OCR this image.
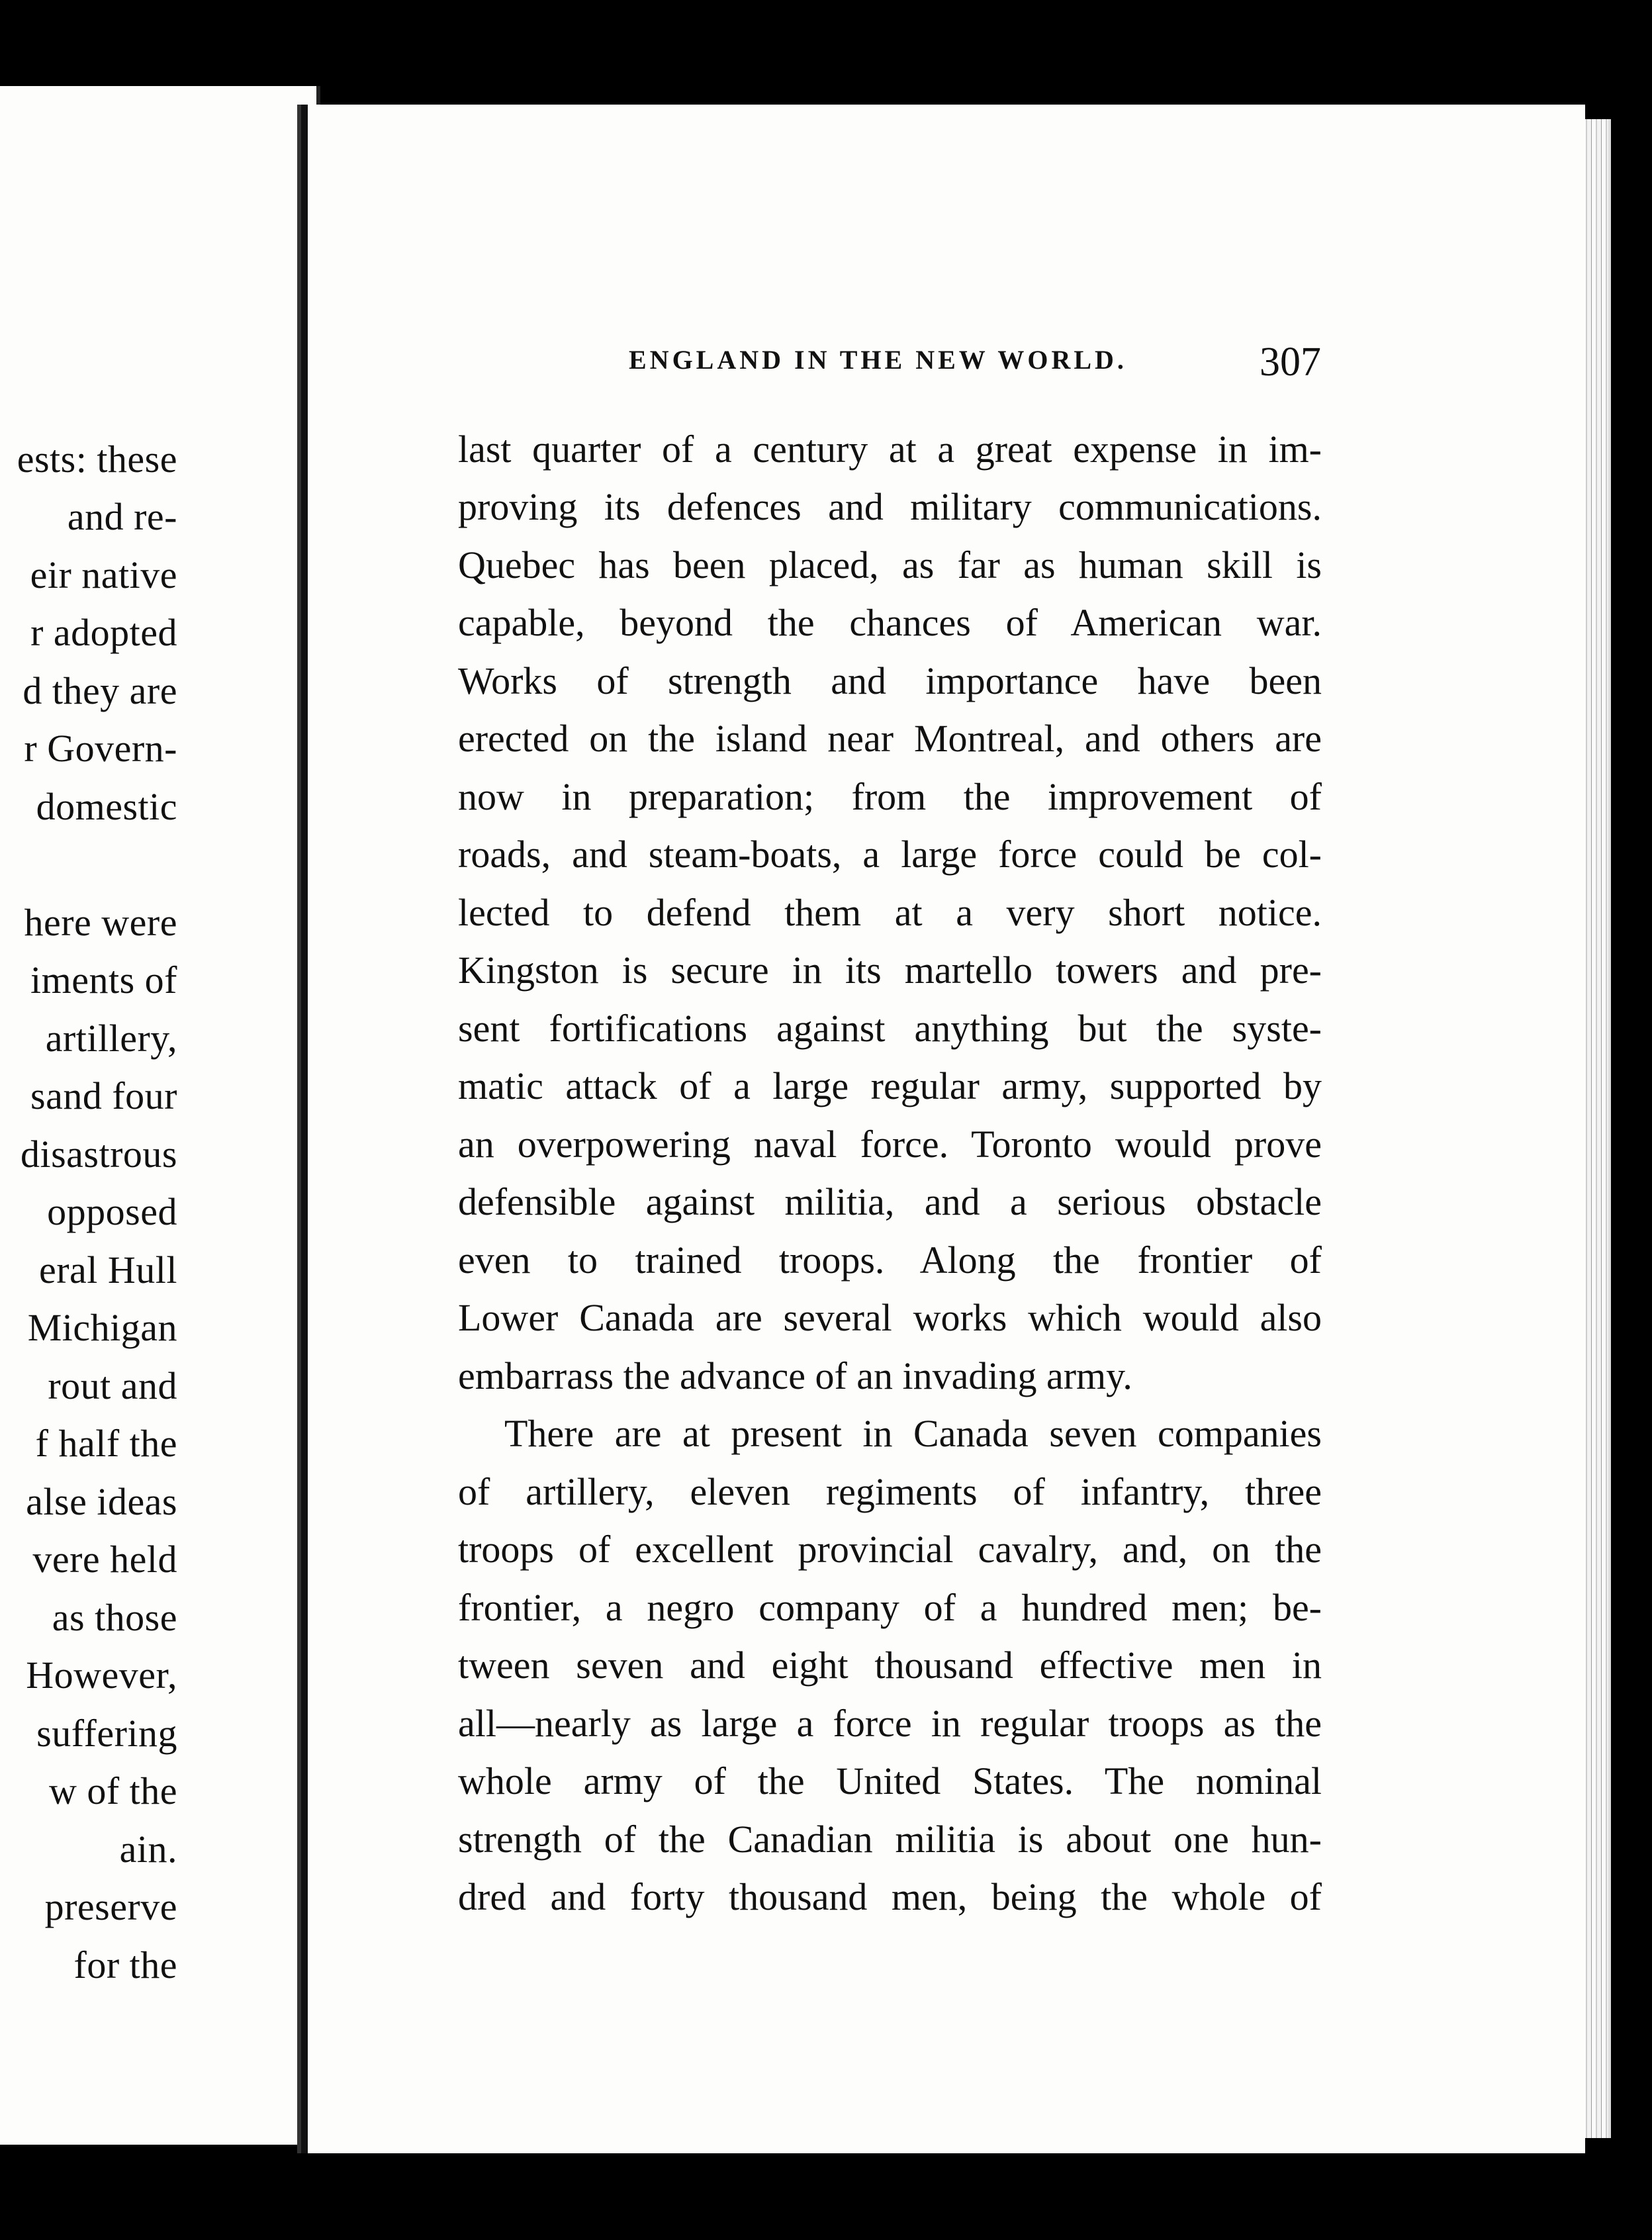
ests: these
and re-
eir native
r adopted
d they are
r Govern-
domestic
here were
iments of
artillery,
sand four
disastrous
opposed
eral Hull
Michigan
rout and
f half the
alse ideas
vere held
as those
However,
suffering
w of the
ain.
preserve
for the
ENGLAND IN THE NEW WORLD.	307
last quarter of a century at a great expense in im-
proving its defences and military communications.
Quebec has been placed, as far as human skill is
capable, beyond the chances of American war.
Works of strength and importance have been
erected on the island near Montreal, and others are
now in preparation; from the improvement of
roads, and steam-boats, a large force could be col-
lected to defend them at a very short notice.
Kingston is secure in its martello towers and pre-
sent fortifications against anything but the syste-
matic attack of a large regular army, supported by
an overpowering naval force. Toronto would prove
defensible against militia, and a serious obstacle
even to trained troops. Along the frontier of
Lower Canada are several works which would also
embarrass the advance of an invading army.
There are at present in Canada seven companies
of artillery, eleven regiments of infantry, three
troops of excellent provincial cavalry, and, on the
frontier, a negro company of a hundred men; be-
tween seven and eight thousand effective men in
all—nearly as large a force in regular troops as the
whole army of the United States. The nominal
strength of the Canadian militia is about one hun-
dred and forty thousand men, being the whole of
